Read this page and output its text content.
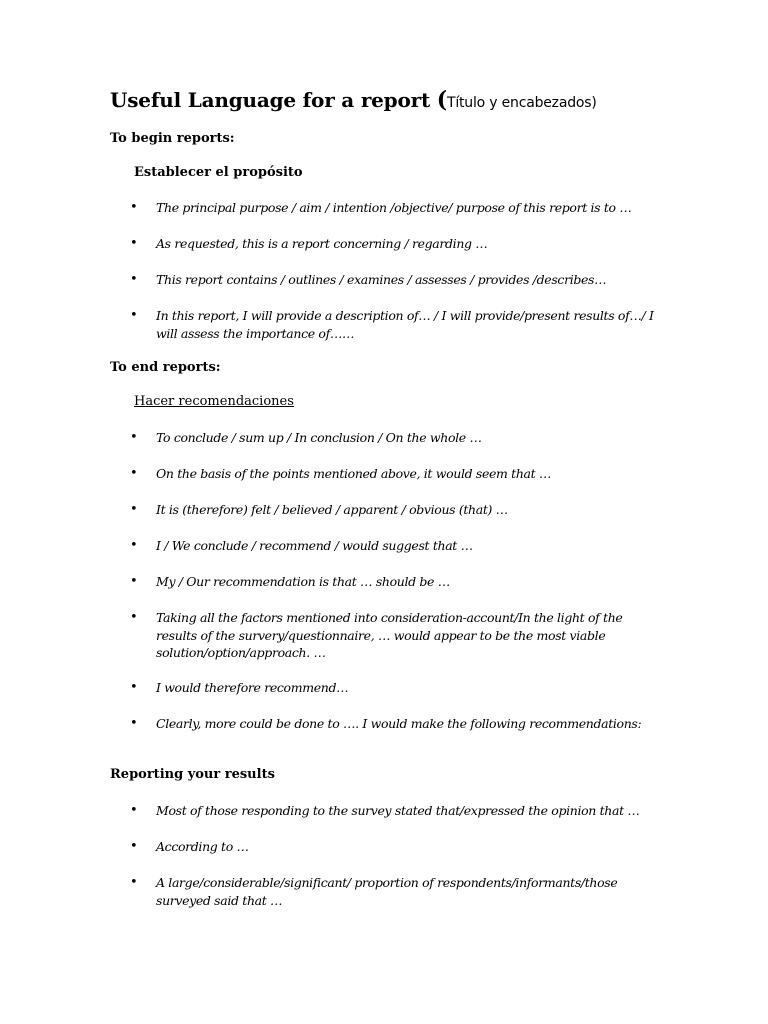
Useful Language for a report (Título y encabezados)

To begin reports:

Establecer el propósito

• The principal purpose / aim / intention /objective/ purpose of this report is to …
• As requested, this is a report concerning / regarding …
• This report contains / outlines / examines / assesses / provides /describes…
• In this report, I will provide a description of… / I will provide/present results of…/ I will assess the importance of……

To end reports:

Hacer recomendaciones

• To conclude / sum up / In conclusion / On the whole …
• On the basis of the points mentioned above, it would seem that …
• It is (therefore) felt / believed / apparent / obvious (that) …
• I / We conclude / recommend / would suggest that …
• My / Our recommendation is that … should be …
• Taking all the factors mentioned into consideration-account/In the light of the results of the survery/questionnaire, … would appear to be the most viable solution/option/approach. …
• I would therefore recommend…
• Clearly, more could be done to …. I would make the following recommendations:

Reporting your results

• Most of those responding to the survey stated that/expressed the opinion that …
• According to …
• A large/considerable/significant/ proportion of respondents/informants/those surveyed said that …
